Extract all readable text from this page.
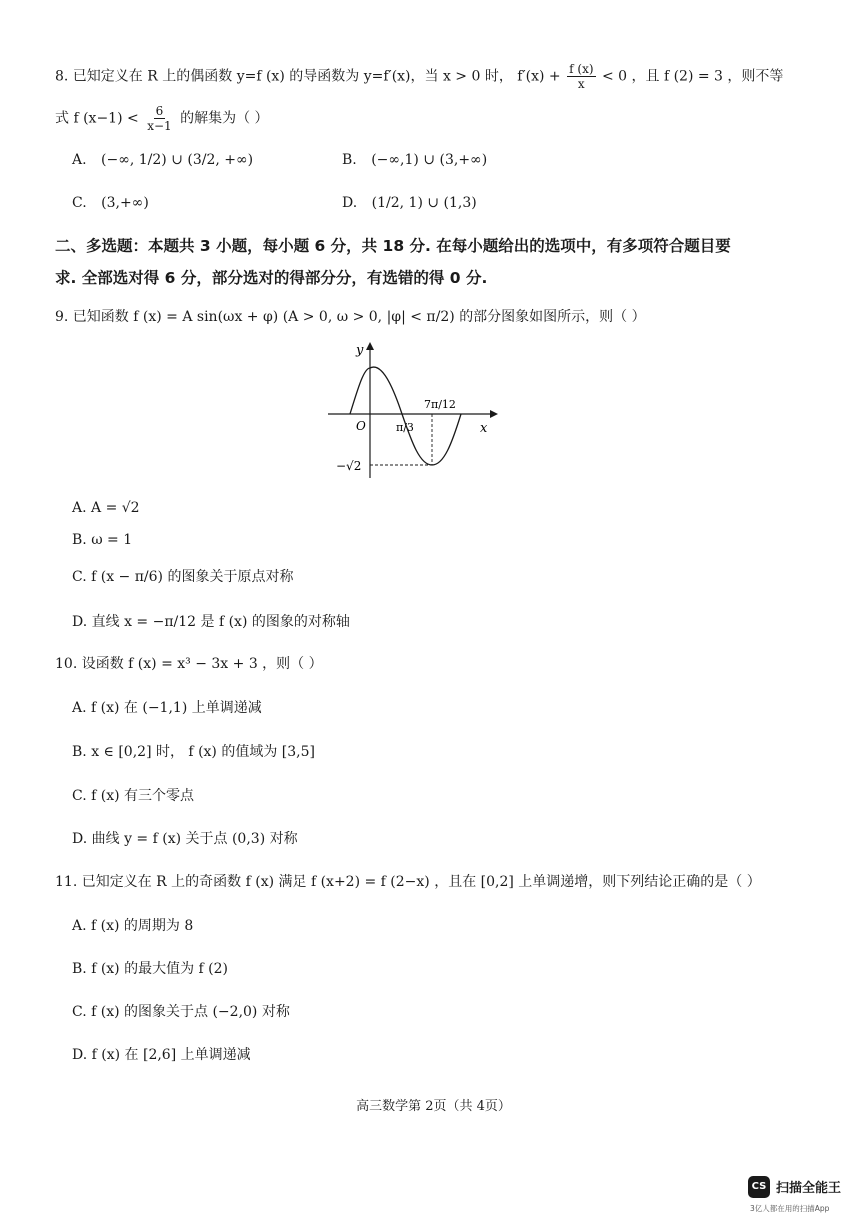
8. 已知定义在 R 上的偶函数 y=f (x) 的导函数为 y=f′(x)，当 x > 0 时， $f'(x) + \frac{f (x)}{x} < 0$ ，且 f (2) = 3 ，则不等
式 f $(x-1) < \frac{6}{x-1}$ 的解集为（ ）
A. (−∞, 1/2) ∪ (3/2, +∞)	B. (−∞,1) ∪ (3,+∞)
C. (3,+∞)	D. (1/2, 1) ∪ (1,3)
二、多选题：本题共 3 小题，每小题 6 分，共 18 分. 在每小题给出的选项中，有多项符合题目要
求. 全部选对得 6 分，部分选对的得部分分，有选错的得 0 分.
9. 已知函数 f (x) = A sin(ωx + φ) (A > 0, ω > 0, |φ| < π/2) 的部分图象如图所示，则（ ）
y
x
O	π/3
7π/12
−√2
A. A = √2
B. ω = 1
C. f (x − π/6) 的图象关于原点对称
D. 直线 x = −π/12 是 f (x) 的图象的对称轴
10. 设函数 f (x) = x³ − 3x + 3 ，则（ ）
A. f (x) 在 (−1,1) 上单调递减
B. x ∈ [0,2] 时， f (x) 的值域为 [3,5]
C. f (x) 有三个零点
D. 曲线 y = f (x) 关于点 (0,3) 对称
11. 已知定义在 R 上的奇函数 f (x) 满足 f (x+2) = f (2−x) ，且在 [0,2] 上单调递增，则下列结论正确的是（ ）
A. f (x) 的周期为 8
B. f (x) 的最大值为 f (2)
C. f (x) 的图象关于点 (−2,0) 对称
D. f (x) 在 [2,6] 上单调递减
高三数学第 2页（共 4页）
CS 扫描全能王
3亿人都在用的扫描App
